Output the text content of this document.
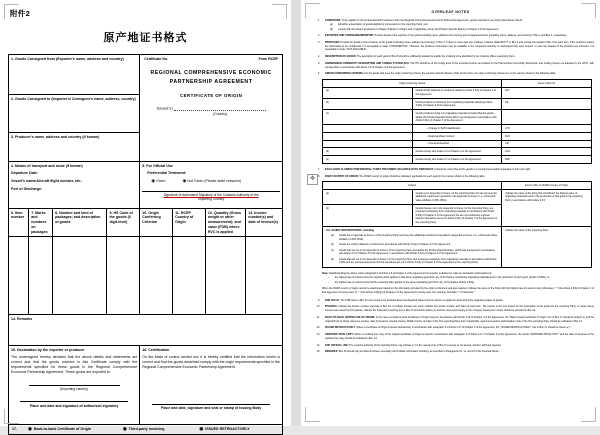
附件2
原产地证书格式
1. Goods Consigned from (Exporter's name, address and country)	Certificate No.	Form RCEP
REGIONAL COMPREHENSIVE ECONOMIC
PARTNERSHIP AGREEMENT
CERTIFICATE OF ORIGIN
Issued in
(Country)

2. Goods Consigned to (Importer's/ Consignee's name, address, country)							

3. Producer's name, address and country (if known)							

4. Means of transport and route (if known)
Departure Date:
Vessel's name/Aircraft flight number, etc.:
Port of Discharge:

5. For Official Use
Preferential Treatment:
◉ Given	◉ Not Given (Please state reason/s)
Signature of Authorised Signatory of the Customs Authority of the
Importing Country

6. Item number	7. Marks and numbers on packages	8. Number and kind of packages; and description of goods.	9. HS Code of the goods (6 digit-level)	10. Origin Conferring Criterion	11. RCEP Country of Origin	12. Quantity (Gross weight or other measurement), and value (FOB) where RVC is applied	13. Invoice number(s) and date of invoice(s)

14. Remarks							

15. Declaration by the exporter or producer
The undersigned hereby declares that the above details and statements are correct and that the goods covered in this Certificate comply with the requirements specified for these goods in the Regional Comprehensive Economic Partnership Agreement. These goods are exported to:
(Importing country)
Place and date and signature of authorised signatory

16. Certification
On the basis of control carried out, it is hereby certified that the information herein is correct and that the goods described comply with the origin requirements specified in the Regional Comprehensive Economic Partnership Agreement.
Place and date, signature and seal or stamp of Issuing Body

17.	◉ Back-to-back Certificate of Origin	◉ Third-party invoicing	◉ ISSUED RETROACTIVELY
OVERLEAF NOTES
1.	CONDITIONS: To be eligible for the preferential tariff treatment under the Regional Comprehensive Economic Partnership Agreement, goods exported to any Party listed below should:
(a)	fall within a description of goods eligible for concessions in the importing Party; and
(b)	comply with all relevant provisions of Chapter 3 (Rules of Origin) and, if applicable, Annex 3A (Product-Specific Rules) of Chapter 3 of the Agreement.
2.	EXPORTER AND CONSIGNEE/IMPORTER: Provide details of the exporter of the good (including name, address and country) and consignee/importer (including name, address, and country) in Box 1 and Box 2, respectively.
3.	PRODUCER: Provide the details of the producer of the goods (including name, address and country) in Box 3. If there is more than one producer, indicate "SEE BOX 3" in Box 3 and provide the details in Box 3 for each item. If the producer wishes the information to be confidential, it is acceptable to state "CONFIDENTIAL". However, the producer information may be available to the competent authority or authorised body upon request. In case the location of the producer are unknown, it is acceptable to state "NOT AVAILABLE".
4.	DESCRIPTION OF GOODS: The description of each good in Box 8 should be sufficiently detailed to enable the products to be identified by the Customs officer examining them.
5.	HARMONISED COMMODITY DESCRIPTION AND CODING SYSTEM (HS): The HS should be at the 6-digit level of the exported product and based on the Harmonized Commodity Description and Coding System as adopted by the WCO, with Corrigendum in accordance with Article 3.2 of Chapter 3 of the Agreement.
6.	ORIGIN CONFERRING CRITERIA: For the goods that meet the origin conferring criteria, the exporter should indicate in Box 10 the Form, the origin conferring criteria met, in the manner shown in the following table.
Origin conferring criteria		Insert in Box 10
(a)	Goods wholly obtained or produced satisfying Article 3.3(a) of Chapter 3 of the Agreement	WO
(b)	Goods produced exclusively from originating materials satisfying Article 3.3(b) of Chapter 3 of the Agreement	PE
(c)	Goods produced using non-originating materials provided that the goods satisfy the Product-Specific Rules which are transposed in accordance with Article 3.3(c) of Chapter 3 of the Agreement:	
	– Change in Tariff Classification	CTC
	– Regional Value Content	RVC
	– Chemical Reaction	CR
(d)	Goods comply with Article 3.4 of Chapter 3 of the Agreement	ACU
(e)	Goods comply with Article 3.7 of Chapter 3 of the Agreement	DMI
7.	EACH GOOD CLAIMING PREFERENTIAL TARIFF TREATMENT QUALIFIES IN ITS OWN RIGHT: It should be noted that all the goods in a consignment qualify separately in their own right.
✥	8.	RCEP COUNTRY OF ORIGIN: The RCEP country of origin should be indicated, applicable for each good in the manner shown in the following table.
Criteria		Insert in Box 11 RCEP Country of Origin
(a)	Goods set in Appendix to Annex I of the importing Party but do not meet the additional requirement specified in the Appendix to Annex I i.e. a Domestic Value Addition of 20% (DVA).	Indicate the name of the Party that contributed the highest value of originating materials used in the production of that good in the exporting Party in accordance with Article 2.6.h
(b)	Goods that are not in the Appendix to Annex I of the importing Party, are produced exclusively from originating materials in accordance with Article 3.3(b) of Chapter 3 of the Agreement but are not exclusively regional oriented operations set out in Article 3.6(1) of Chapter 3 of the Agreement in the exporting Party.	

ALL OTHER CIRCUMSTANCES, including
(a)	Goods set in Appendix to Annex I of the importing Party and meet the additional requirement specified in Appendix to Annex I i.e. a Domestic Value Addition of 20% (DVA).
(b)	Goods are wholly obtained or produced in accordance with Article 3.3(a) of Chapter 3 of the Agreement.
(c)	Goods that are not in the Appendix to Annex I of the importing Party and satisfy the Product-Specific Rules, which was transposed in accordance with Article 3.3 of Chapter 3 of the Agreement, in accordance with Article 3.2(c) of Chapter 3 of the Agreement.
(d)	Goods that are not in the Appendix to Annex I of the importing Party, and produced exclusively from originating materials in accordance with Article 3.3(b) and are processed beyond minimal operations set out in Article 3.6(1) of Chapter 3 of the Agreement in the exporting Party.
	Indicate the name of the exporting Party
Note: Notwithstanding the above, where paragraph 3 of Article 2.6 of Chapter 2 of the Agreement the importer is allowed to make an declaration (self-treatment):
–	the highest rate of customs duty the importing Party applies to that same originating good from any of the Parties contributing originating materials used in the production of such good, (Article 3.8 Box); or
–	the highest rate of customs duty that the exporting Party applies to the same originating good from any of the Parties (Article 3.8(b)).
When the RCEP country of origin cannot be determined, based on the information provided by the origin conferment and also required, indicate the name of the Party with the highest rate of customs duty (otherwise), "" if the Article 2.6(b) of Chapter 2 of that Agreement is being used, or "" if the Article 2.6(b)(ii) of Chapter 2 of the Agreement is being used. For example, Australia "" or Indonesia "".
9.	FOB VALUE: The FOB value in Box 12 only needs to be provided when the Regional Value Content criterion is applied in determining the originating status of goods.
10.	INVOICES: Indicate the invoice number and date in Box 13. If multiple invoices are used, indicate the invoice number and date for each item. The invoice is the one issued for the importation of the good into the importing Party. In cases where invoices are issued by third parties, indicate the third-party invoicing box in Box 17 should be ticked (✔) and the name and country of the company issuing the invoice should be provided in Box 14.
11.	BACK-TO-BACK CERTIFICATE OF ORIGIN: In the case of a back-to-back Certificate of Origin issued in accordance with Article 3.19 of Chapter 3 of the Agreement, the "Back-to-back Certificate of Origin" box in Box 17 should be ticked (✔) and the original Proof of Origin reference number, date of issuance, issuing country, RCEP country of origin of the first exporting Party and, if applicable, approved exporter authorisation code of the first exporting Party should be indicated in Box 14.
12.	ISSUED RETROACTIVELY: Where a Certificate of Origin is issued retroactively in accordance with paragraph 3 of Article 3.17 of Chapter 3 of the Agreement, the "ISSUED RETROACTIVELY" box in Box 17 should be ticked (✔).
13.	CERTIFIED TRUE COPY: Where a certified true copy of the original Certificate of Origin is issued in accordance with paragraph 3 of Article 3.17 of Chapter 3 of the Agreement, the words "CERTIFIED TRUE COPY" and the date of issuance of the certified true copy should be indicated in Box 14.
14.	FOR OFFICIAL USE: The customs authority of the importing Party may indicate (✔) in the relevant box in Box 5 to accept or not accept, whether tariff and rejected.
15.	REMARKS: Box 14 should only be filled out where necessary and indicate information including, as specified in Paragraphs 10, 11, and 13 of the Overleaf Notes.
